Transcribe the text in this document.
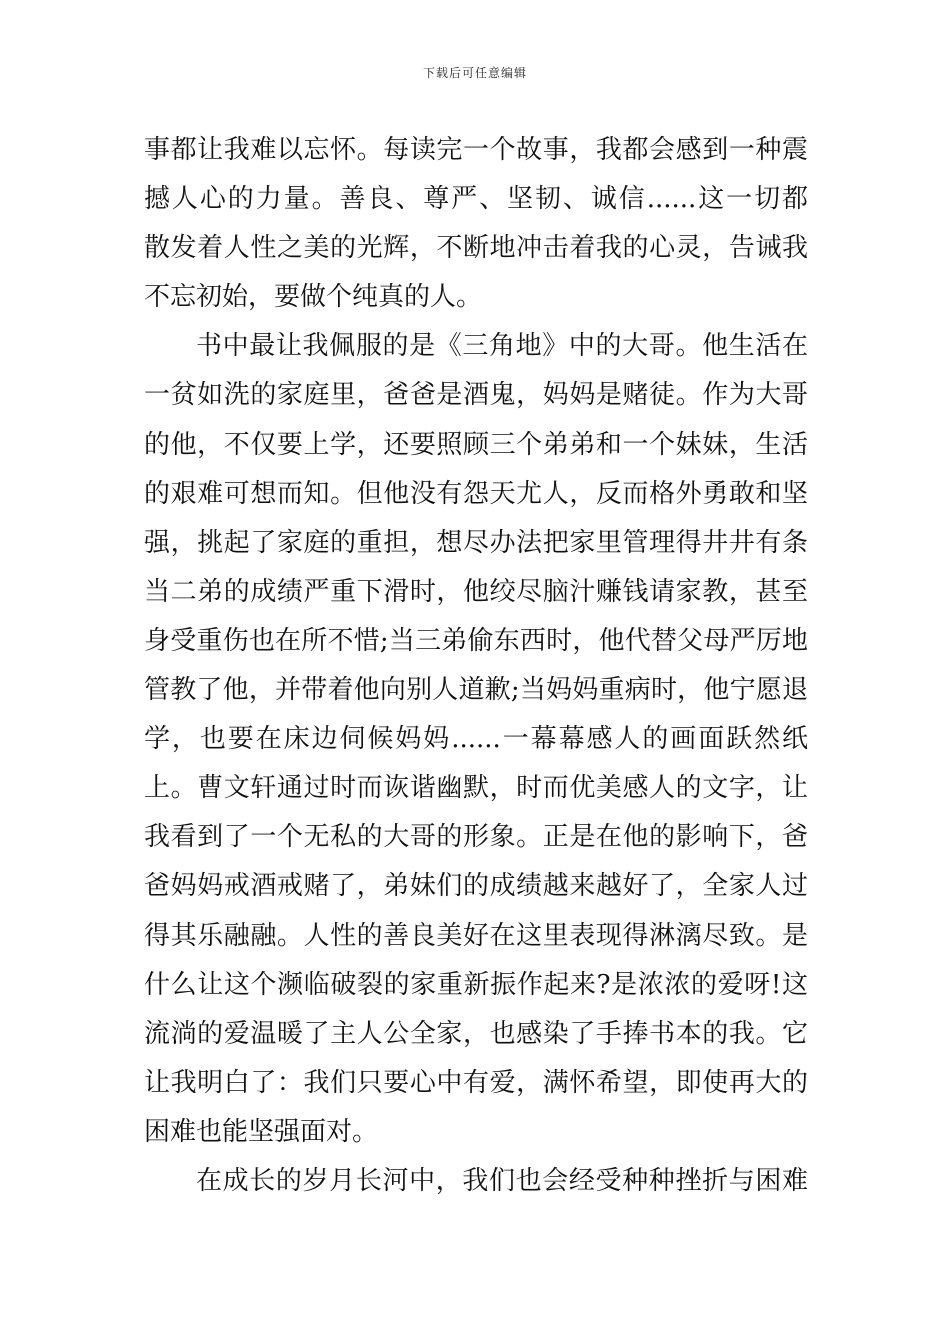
下载后可任意编辑
事都让我难以忘怀。每读完一个故事，我都会感到一种震
撼人心的力量。善良、尊严、坚韧、诚信......这一切都
散发着人性之美的光辉，不断地冲击着我的心灵，告诫我
不忘初始，要做个纯真的人。
书中最让我佩服的是《三角地》中的大哥。他生活在
一贫如洗的家庭里，爸爸是酒鬼，妈妈是赌徒。作为大哥
的他，不仅要上学，还要照顾三个弟弟和一个妹妹，生活
的艰难可想而知。但他没有怨天尤人，反而格外勇敢和坚
强，挑起了家庭的重担，想尽办法把家里管理得井井有条
当二弟的成绩严重下滑时，他绞尽脑汁赚钱请家教，甚至
身受重伤也在所不惜;当三弟偷东西时，他代替父母严厉地
管教了他，并带着他向别人道歉;当妈妈重病时，他宁愿退
学，也要在床边伺候妈妈......一幕幕感人的画面跃然纸
上。曹文轩通过时而诙谐幽默，时而优美感人的文字，让
我看到了一个无私的大哥的形象。正是在他的影响下，爸
爸妈妈戒酒戒赌了，弟妹们的成绩越来越好了，全家人过
得其乐融融。人性的善良美好在这里表现得淋漓尽致。是
什么让这个濒临破裂的家重新振作起来?是浓浓的爱呀!这
流淌的爱温暖了主人公全家，也感染了手捧书本的我。它
让我明白了：我们只要心中有爱，满怀希望，即使再大的
困难也能坚强面对。
在成长的岁月长河中，我们也会经受种种挫折与困难
